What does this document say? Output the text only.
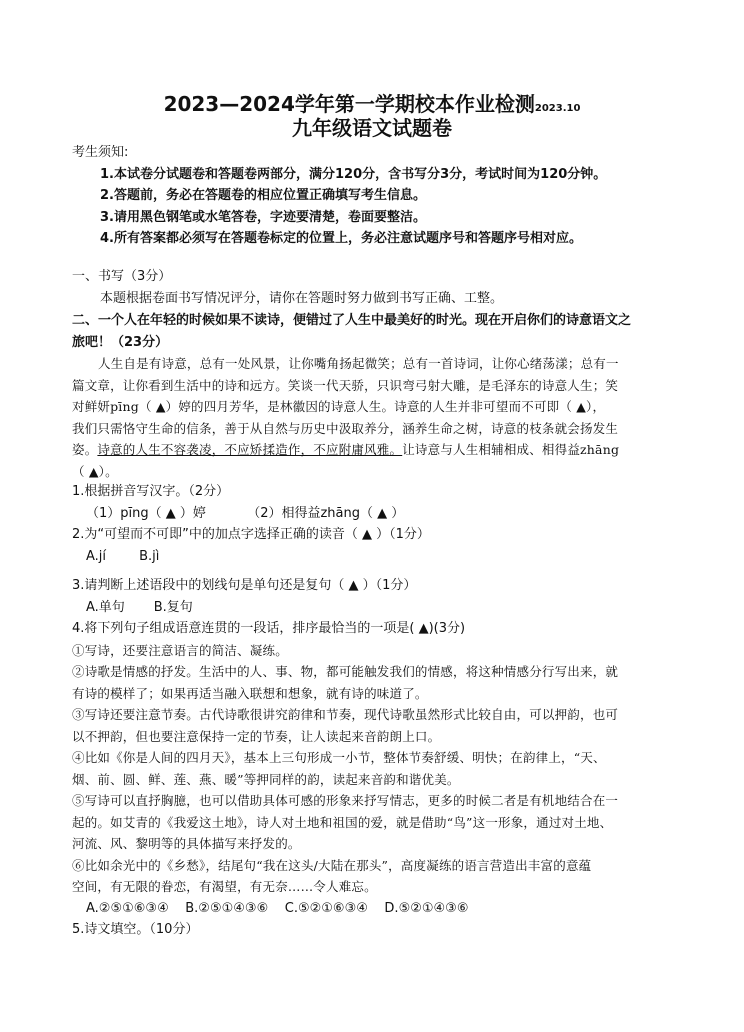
2023—2024学年第一学期校本作业检测2023.10
九年级语文试题卷
考生须知:
1.本试卷分试题卷和答题卷两部分，满分120分，含书写分3分，考试时间为120分钟。
2.答题前，务必在答题卷的相应位置正确填写考生信息。
3.请用黑色钢笔或水笔答卷，字迹要清楚，卷面要整洁。
4.所有答案都必须写在答题卷标定的位置上，务必注意试题序号和答题序号相对应。
一、书写（3分）
本题根据卷面书写情况评分，请你在答题时努力做到书写正确、工整。
二、一个人在年轻的时候如果不读诗，便错过了人生中最美好的时光。现在开启你们的诗意语文之
旅吧！（23分）
人生自是有诗意，总有一处风景，让你嘴角扬起微笑；总有一首诗词，让你心绪荡漾；总有一
篇文章，让你看到生活中的诗和远方。笑谈一代天骄，只识弯弓射大雕，是毛泽东的诗意人生；笑
对鲜妍pīng（ ▲）婷的四月芳华，是林徽因的诗意人生。诗意的人生并非可望而不可即（ ▲），
我们只需恪守生命的信条，善于从自然与历史中汲取养分，涵养生命之树，诗意的枝条就会扬发生
姿。诗意的人生不容袭凌，不应矫揉造作，不应附庸风雅。让诗意与人生相辅相成、相得益zhāng
（ ▲）。
1.根据拼音写汉字。（2分）
（1）pīng（ ▲ ）婷          （2）相得益zhāng（ ▲ ）
2.为“可望而不可即”中的加点字选择正确的读音（ ▲ ）（1分）
A.jí        B.jì
3.请判断上述语段中的划线句是单句还是复句（ ▲ ）（1分）
A.单句       B.复句
4.将下列句子组成语意连贯的一段话，排序最恰当的一项是( ▲)(3分)
①写诗，还要注意语言的简洁、凝练。
②诗歌是情感的抒发。生活中的人、事、物，都可能触发我们的情感，将这种情感分行写出来，就
有诗的模样了；如果再适当融入联想和想象，就有诗的味道了。
③写诗还要注意节奏。古代诗歌很讲究韵律和节奏，现代诗歌虽然形式比较自由，可以押韵，也可
以不押韵，但也要注意保持一定的节奏，让人读起来音韵朗上口。
④比如《你是人间的四月天》，基本上三句形成一小节，整体节奏舒缓、明快；在韵律上，“天、
烟、前、圆、鲜、莲、燕、暖”等押同样的韵，读起来音韵和谐优美。
⑤写诗可以直抒胸臆，也可以借助具体可感的形象来抒写情志，更多的时候二者是有机地结合在一
起的。如艾青的《我爱这土地》，诗人对土地和祖国的爱，就是借助“鸟”这一形象，通过对土地、
河流、风、黎明等的具体描写来抒发的。
⑥比如余光中的《乡愁》，结尾句“我在这头/大陆在那头”，高度凝练的语言营造出丰富的意蕴
空间，有无限的眷恋，有渴望，有无奈……令人难忘。
A.②⑤①⑥③④    B.②⑤①④③⑥    C.⑤②①⑥③④    D.⑤②①④③⑥
5.诗文填空。（10分）
